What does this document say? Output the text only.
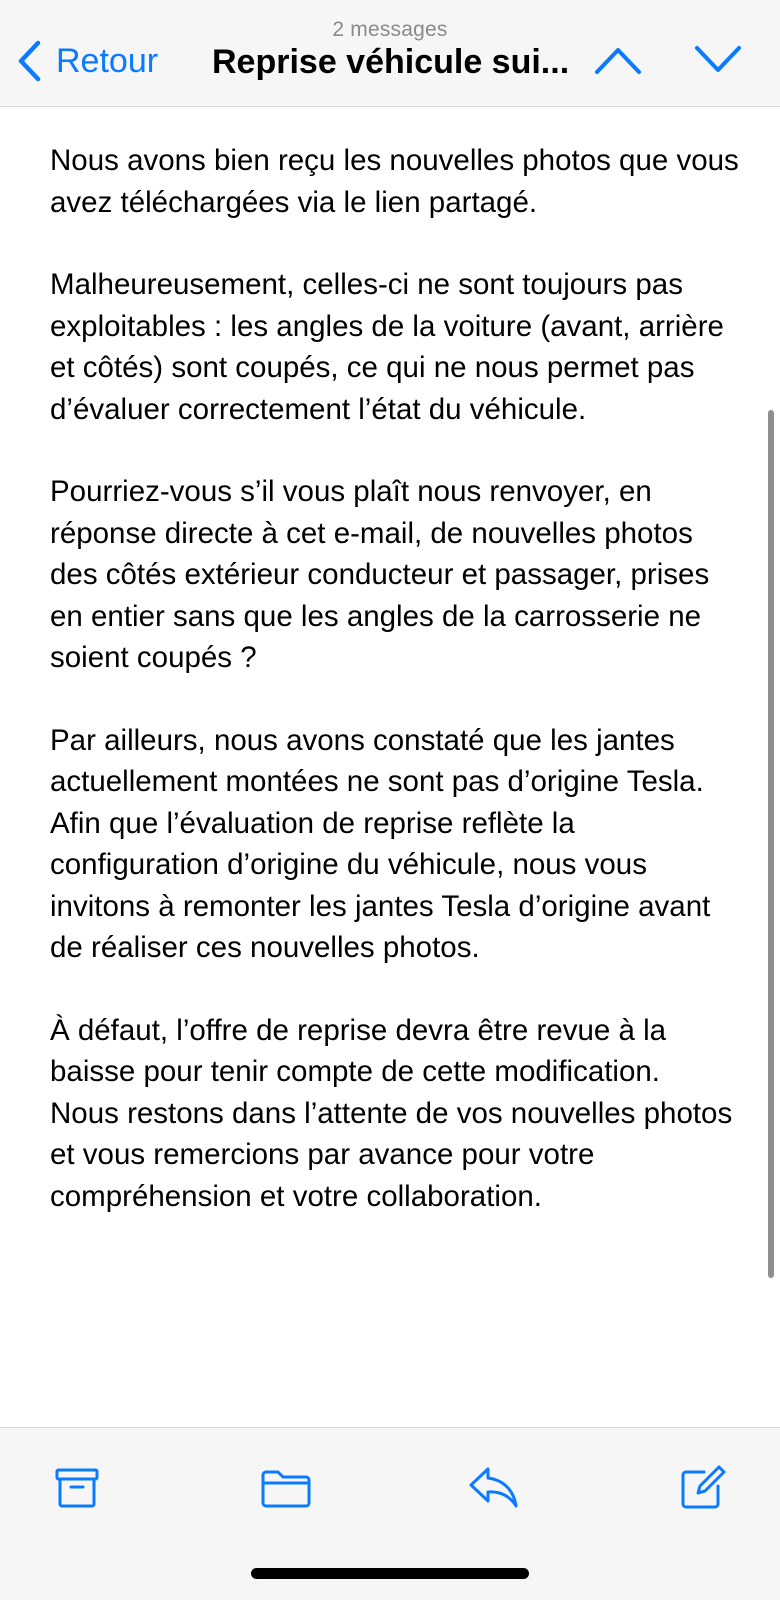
2 messages
Retour Reprise véhicule sui...

Nous avons bien reçu les nouvelles photos que vous avez téléchargées via le lien partagé.

Malheureusement, celles-ci ne sont toujours pas exploitables : les angles de la voiture (avant, arrière et côtés) sont coupés, ce qui ne nous permet pas d’évaluer correctement l’état du véhicule.

Pourriez-vous s’il vous plaît nous renvoyer, en réponse directe à cet e-mail, de nouvelles photos des côtés extérieur conducteur et passager, prises en entier sans que les angles de la carrosserie ne soient coupés ?

Par ailleurs, nous avons constaté que les jantes actuellement montées ne sont pas d’origine Tesla. Afin que l’évaluation de reprise reflète la configuration d’origine du véhicule, nous vous invitons à remonter les jantes Tesla d’origine avant de réaliser ces nouvelles photos.

À défaut, l’offre de reprise devra être revue à la baisse pour tenir compte de cette modification.

Nous restons dans l’attente de vos nouvelles photos et vous remercions par avance pour votre compréhension et votre collaboration.
